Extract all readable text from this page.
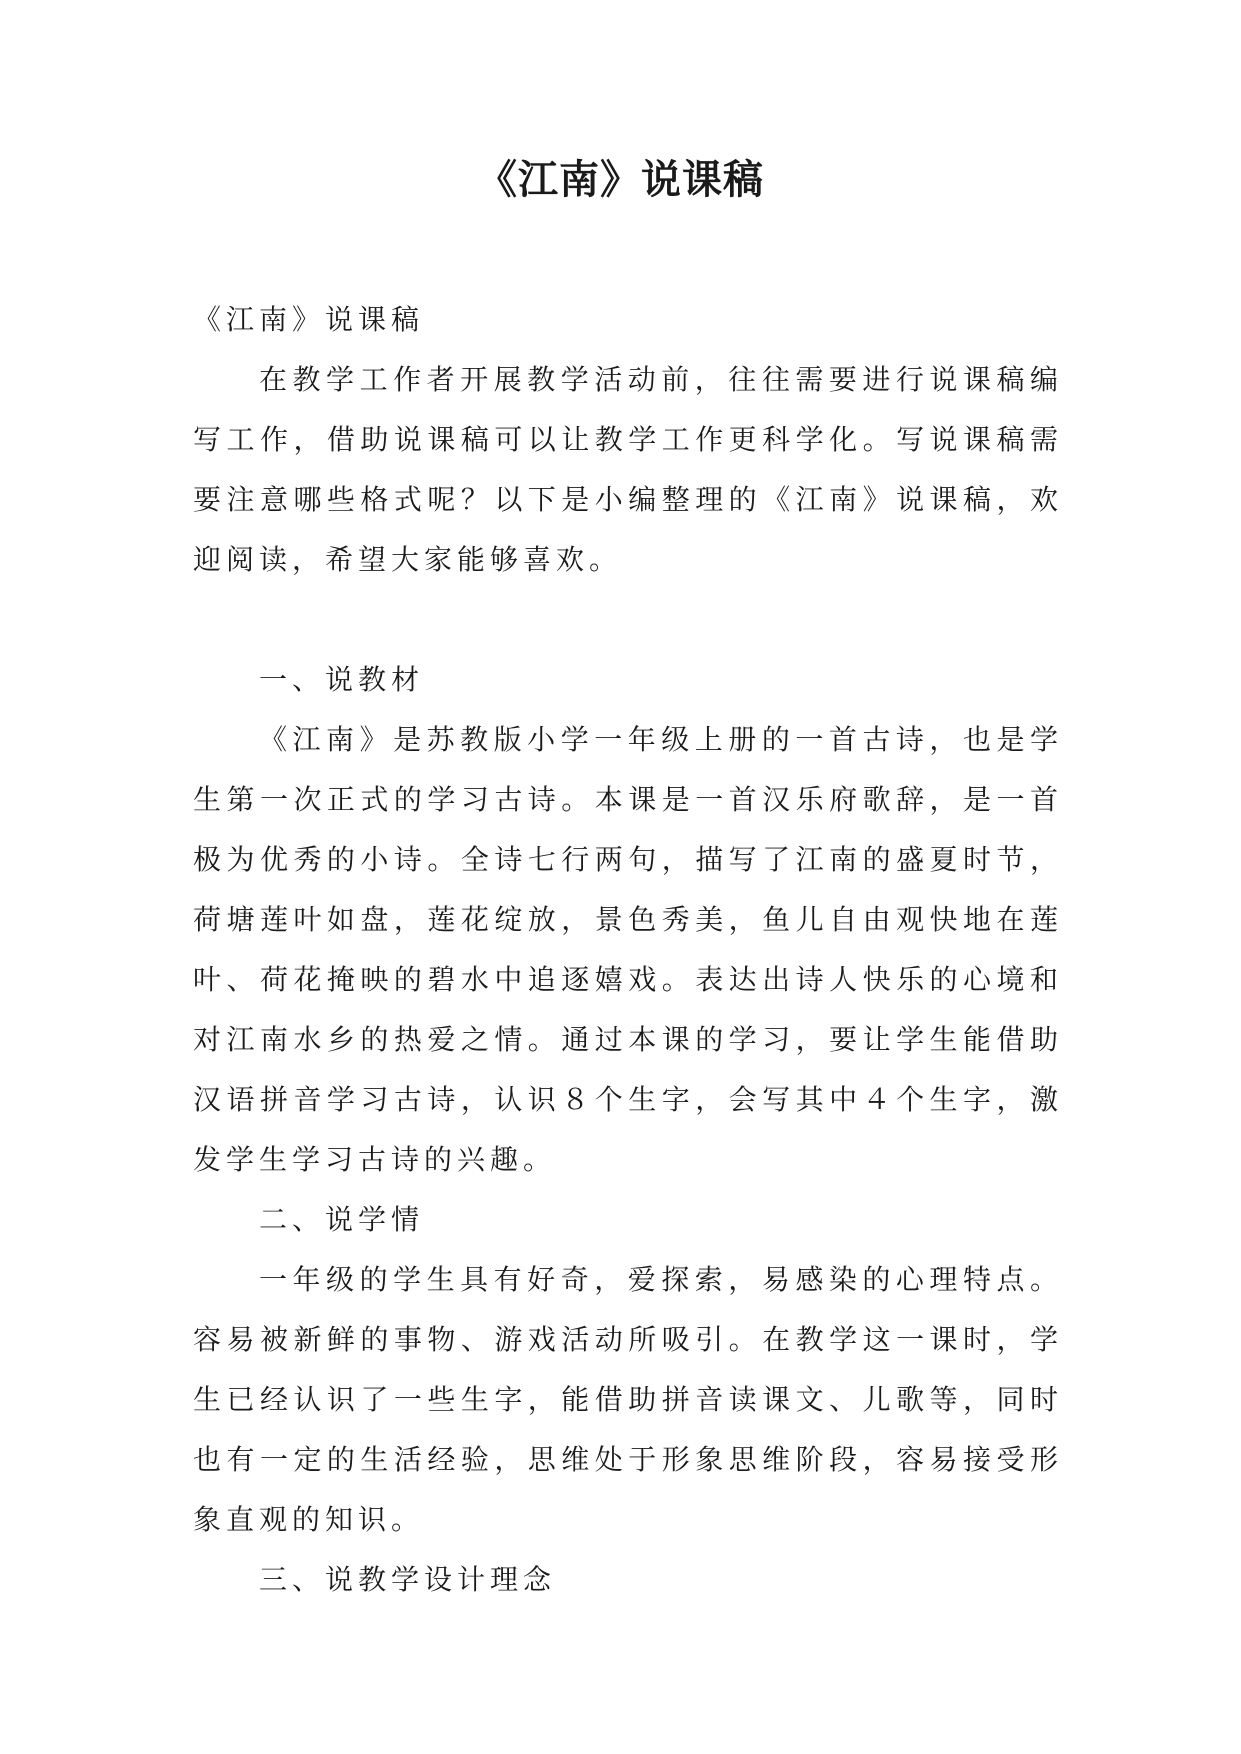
《江南》说课稿

《江南》说课稿

在教学工作者开展教学活动前，往往需要进行说课稿编写工作，借助说课稿可以让教学工作更科学化。写说课稿需要注意哪些格式呢？以下是小编整理的《江南》说课稿，欢迎阅读，希望大家能够喜欢。

一、说教材

《江南》是苏教版小学一年级上册的一首古诗，也是学生第一次正式的学习古诗。本课是一首汉乐府歌辞，是一首极为优秀的小诗。全诗七行两句，描写了江南的盛夏时节，荷塘莲叶如盘，莲花绽放，景色秀美，鱼儿自由观快地在莲叶、荷花掩映的碧水中追逐嬉戏。表达出诗人快乐的心境和对江南水乡的热爱之情。通过本课的学习，要让学生能借助汉语拼音学习古诗，认识８个生字，会写其中４个生字，激发学生学习古诗的兴趣。

二、说学情

一年级的学生具有好奇，爱探索，易感染的心理特点。容易被新鲜的事物、游戏活动所吸引。在教学这一课时，学生已经认识了一些生字，能借助拼音读课文、儿歌等，同时也有一定的生活经验，思维处于形象思维阶段，容易接受形象直观的知识。

三、说教学设计理念
